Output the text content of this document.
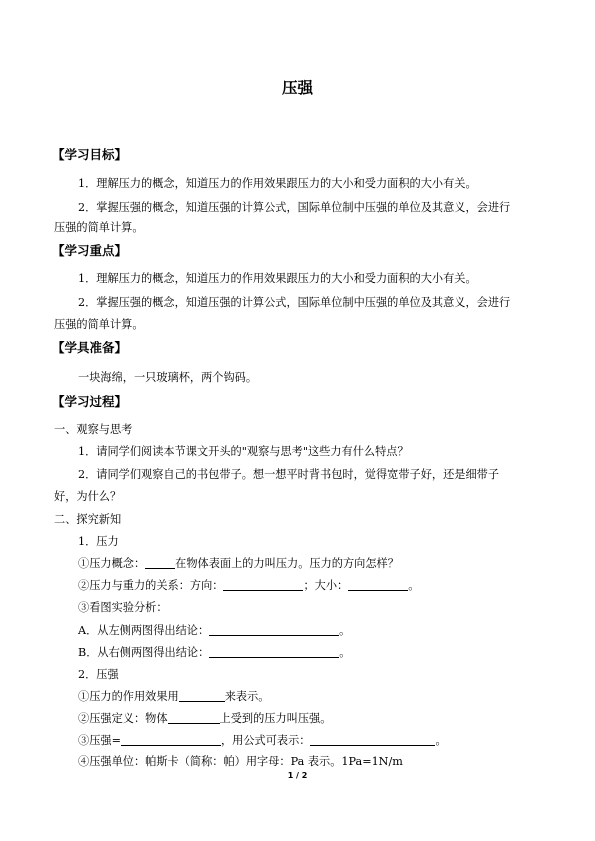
压强
【学习目标】
1．理解压力的概念，知道压力的作用效果跟压力的大小和受力面积的大小有关。
2．掌握压强的概念，知道压强的计算公式，国际单位制中压强的单位及其意义，会进行
压强的简单计算。
【学习重点】
1．理解压力的概念，知道压力的作用效果跟压力的大小和受力面积的大小有关。
2．掌握压强的概念，知道压强的计算公式，国际单位制中压强的单位及其意义，会进行
压强的简单计算。
【学具准备】
一块海绵，一只玻璃杯，两个钩码。
【学习过程】
一、观察与思考
1．请同学们阅读本节课文开头的"观察与思考"这些力有什么特点？
2．请同学们观察自己的书包带子。想一想平时背书包时，觉得宽带子好，还是细带子
好，为什么？
二、探究新知
1．压力
①压力概念：	在物体表面上的力叫压力。压力的方向怎样？
②压力与重力的关系：方向：	；大小：	。
③看图实验分析：
A．从左侧两图得出结论：	。
B．从右侧两图得出结论：	。
2．压强
①压力的作用效果用	来表示。
②压强定义：物体	上受到的压力叫压强。
③压强=	，用公式可表示：	。
④压强单位：帕斯卡（简称：帕）用字母：Pa 表示。1Pa=1N/m
1 / 2
